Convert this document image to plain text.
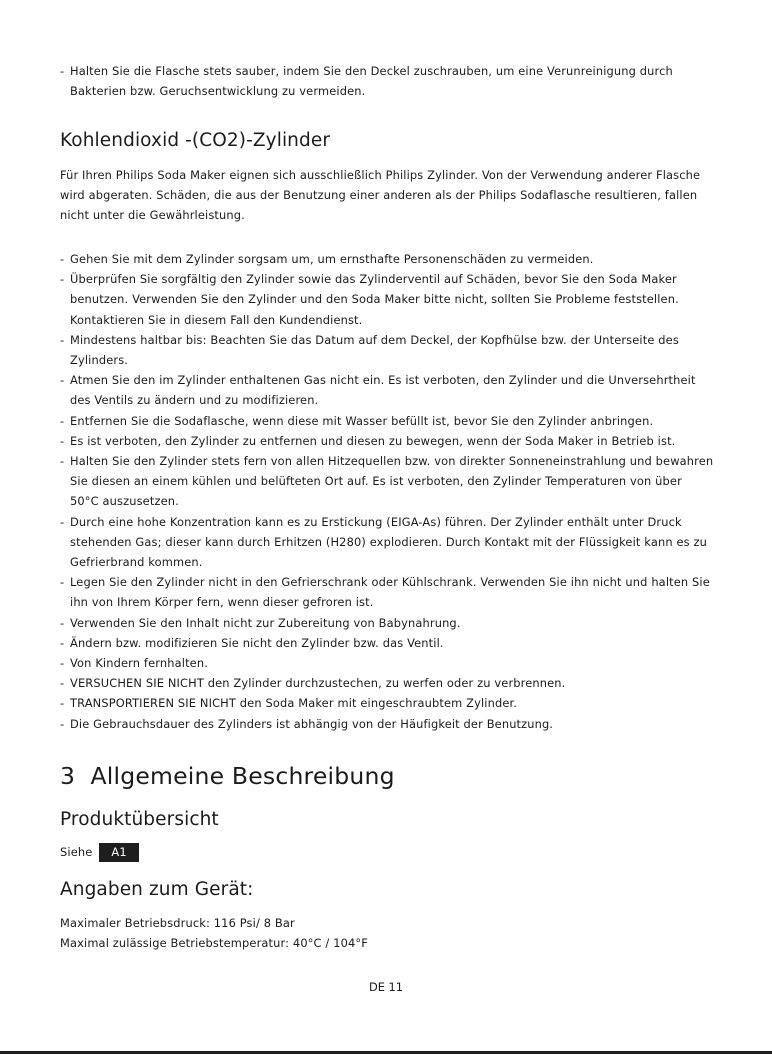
- Halten Sie die Flasche stets sauber, indem Sie den Deckel zuschrauben, um eine Verunreinigung durch Bakterien bzw. Geruchsentwicklung zu vermeiden.

Kohlendioxid -(CO2)-Zylinder

Für Ihren Philips Soda Maker eignen sich ausschließlich Philips Zylinder. Von der Verwendung anderer Flasche wird abgeraten. Schäden, die aus der Benutzung einer anderen als der Philips Sodaflasche resultieren, fallen nicht unter die Gewährleistung.

- Gehen Sie mit dem Zylinder sorgsam um, um ernsthafte Personenschäden zu vermeiden.

- Überprüfen Sie sorgfältig den Zylinder sowie das Zylinderventil auf Schäden, bevor Sie den Soda Maker benutzen. Verwenden Sie den Zylinder und den Soda Maker bitte nicht, sollten Sie Probleme feststellen. Kontaktieren Sie in diesem Fall den Kundendienst.

- Mindestens haltbar bis: Beachten Sie das Datum auf dem Deckel, der Kopfhülse bzw. der Unterseite des Zylinders.

- Atmen Sie den im Zylinder enthaltenen Gas nicht ein. Es ist verboten, den Zylinder und die Unversehrtheit des Ventils zu ändern und zu modifizieren.

- Entfernen Sie die Sodaflasche, wenn diese mit Wasser befüllt ist, bevor Sie den Zylinder anbringen.

- Es ist verboten, den Zylinder zu entfernen und diesen zu bewegen, wenn der Soda Maker in Betrieb ist.

- Halten Sie den Zylinder stets fern von allen Hitzequellen bzw. von direkter Sonneneinstrahlung und bewahren Sie diesen an einem kühlen und belüfteten Ort auf. Es ist verboten, den Zylinder Temperaturen von über 50°C auszusetzen.

- Durch eine hohe Konzentration kann es zu Erstickung (EIGA-As) führen. Der Zylinder enthält unter Druck stehenden Gas; dieser kann durch Erhitzen (H280) explodieren. Durch Kontakt mit der Flüssigkeit kann es zu Gefrierbrand kommen.

- Legen Sie den Zylinder nicht in den Gefrierschrank oder Kühlschrank. Verwenden Sie ihn nicht und halten Sie ihn von Ihrem Körper fern, wenn dieser gefroren ist.

- Verwenden Sie den Inhalt nicht zur Zubereitung von Babynahrung.

- Ändern bzw. modifizieren Sie nicht den Zylinder bzw. das Ventil.

- Von Kindern fernhalten.

- VERSUCHEN SIE NICHT den Zylinder durchzustechen, zu werfen oder zu verbrennen.

- TRANSPORTIEREN SIE NICHT den Soda Maker mit eingeschraubtem Zylinder.

- Die Gebrauchsdauer des Zylinders ist abhängig von der Häufigkeit der Benutzung.

3  Allgemeine Beschreibung
Produktübersicht
Siehe A1
Angaben zum Gerät:

Maximaler Betriebsdruck: 116 Psi/ 8 Bar

Maximal zulässige Betriebstemperatur: 40°C / 104°F

DE 11
